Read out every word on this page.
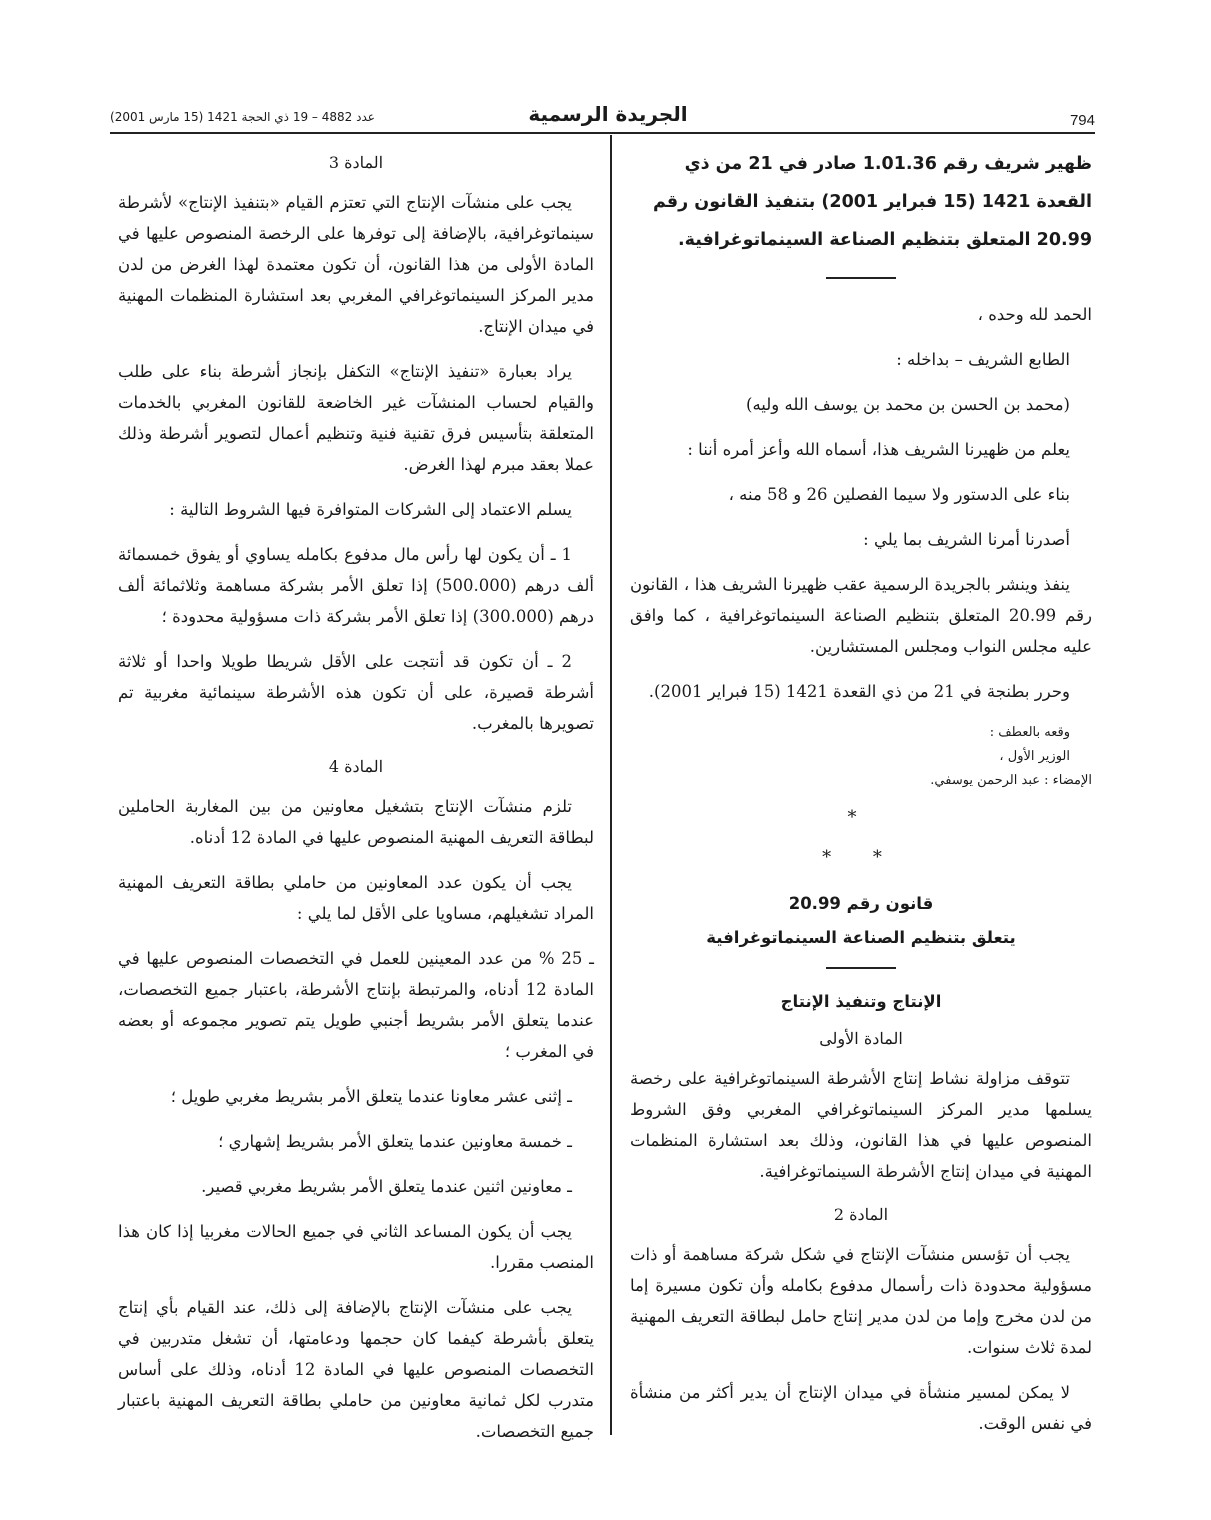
794
الجريدة الرسمية
عدد 4882 – 19 ذي الحجة 1421 (15 مارس 2001)

ظهير شريف رقم 1.01.36 صادر في 21 من ذي القعدة 1421 (15 فبراير 2001) بتنفيذ القانون رقم 20.99 المتعلق بتنظيم الصناعة السينماتوغرافية.

الحمد لله وحده ،

الطابع الشريف – بداخله :

(محمد بن الحسن بن محمد بن يوسف الله وليه)

يعلم من ظهيرنا الشريف هذا، أسماه الله وأعز أمره أننا :

بناء على الدستور ولا سيما الفصلين 26 و 58 منه ،

أصدرنا أمرنا الشريف بما يلي :

ينفذ وينشر بالجريدة الرسمية عقب ظهيرنا الشريف هذا ، القانون رقم 20.99 المتعلق بتنظيم الصناعة السينماتوغرافية ، كما وافق عليه مجلس النواب ومجلس المستشارين.

وحرر بطنجة في 21 من ذي القعدة 1421 (15 فبراير 2001).

وقعه بالعطف :

الوزير الأول ،

الإمضاء : عبد الرحمن يوسفي.

*

* *

قانون رقم 20.99

يتعلق بتنظيم الصناعة السينماتوغرافية

الإنتاج وتنفيذ الإنتاج

المادة الأولى

تتوقف مزاولة نشاط إنتاج الأشرطة السينماتوغرافية على رخصة يسلمها مدير المركز السينماتوغرافي المغربي وفق الشروط المنصوص عليها في هذا القانون، وذلك بعد استشارة المنظمات المهنية في ميدان إنتاج الأشرطة السينماتوغرافية.

المادة 2

يجب أن تؤسس منشآت الإنتاج في شكل شركة مساهمة أو ذات مسؤولية محدودة ذات رأسمال مدفوع بكامله وأن تكون مسيرة إما من لدن مخرج وإما من لدن مدير إنتاج حامل لبطاقة التعريف المهنية لمدة ثلاث سنوات.

لا يمكن لمسير منشأة في ميدان الإنتاج أن يدير أكثر من منشأة في نفس الوقت.

المادة 3

يجب على منشآت الإنتاج التي تعتزم القيام «بتنفيذ الإنتاج» لأشرطة سينماتوغرافية، بالإضافة إلى توفرها على الرخصة المنصوص عليها في المادة الأولى من هذا القانون، أن تكون معتمدة لهذا الغرض من لدن مدير المركز السينماتوغرافي المغربي بعد استشارة المنظمات المهنية في ميدان الإنتاج.

يراد بعبارة «تنفيذ الإنتاج» التكفل بإنجاز أشرطة بناء على طلب والقيام لحساب المنشآت غير الخاضعة للقانون المغربي بالخدمات المتعلقة بتأسيس فرق تقنية فنية وتنظيم أعمال لتصوير أشرطة وذلك عملا بعقد مبرم لهذا الغرض.

يسلم الاعتماد إلى الشركات المتوافرة فيها الشروط التالية :

1 ـ أن يكون لها رأس مال مدفوع بكامله يساوي أو يفوق خمسمائة ألف درهم (500.000) إذا تعلق الأمر بشركة مساهمة وثلاثمائة ألف درهم (300.000) إذا تعلق الأمر بشركة ذات مسؤولية محدودة ؛

2 ـ أن تكون قد أنتجت على الأقل شريطا طويلا واحدا أو ثلاثة أشرطة قصيرة، على أن تكون هذه الأشرطة سينمائية مغربية تم تصويرها بالمغرب.

المادة 4

تلزم منشآت الإنتاج بتشغيل معاونين من بين المغاربة الحاملين لبطاقة التعريف المهنية المنصوص عليها في المادة 12 أدناه.

يجب أن يكون عدد المعاونين من حاملي بطاقة التعريف المهنية المراد تشغيلهم، مساويا على الأقل لما يلي :

ـ 25 % من عدد المعينين للعمل في التخصصات المنصوص عليها في المادة 12 أدناه، والمرتبطة بإنتاج الأشرطة، باعتبار جميع التخصصات، عندما يتعلق الأمر بشريط أجنبي طويل يتم تصوير مجموعه أو بعضه في المغرب ؛

ـ إثنى عشر معاونا عندما يتعلق الأمر بشريط مغربي طويل ؛

ـ خمسة معاونين عندما يتعلق الأمر بشريط إشهاري ؛

ـ معاونين اثنين عندما يتعلق الأمر بشريط مغربي قصير.

يجب أن يكون المساعد الثاني في جميع الحالات مغربيا إذا كان هذا المنصب مقررا.

يجب على منشآت الإنتاج بالإضافة إلى ذلك، عند القيام بأي إنتاج يتعلق بأشرطة كيفما كان حجمها ودعامتها، أن تشغل متدربين في التخصصات المنصوص عليها في المادة 12 أدناه، وذلك على أساس متدرب لكل ثمانية معاونين من حاملي بطاقة التعريف المهنية باعتبار جميع التخصصات.
